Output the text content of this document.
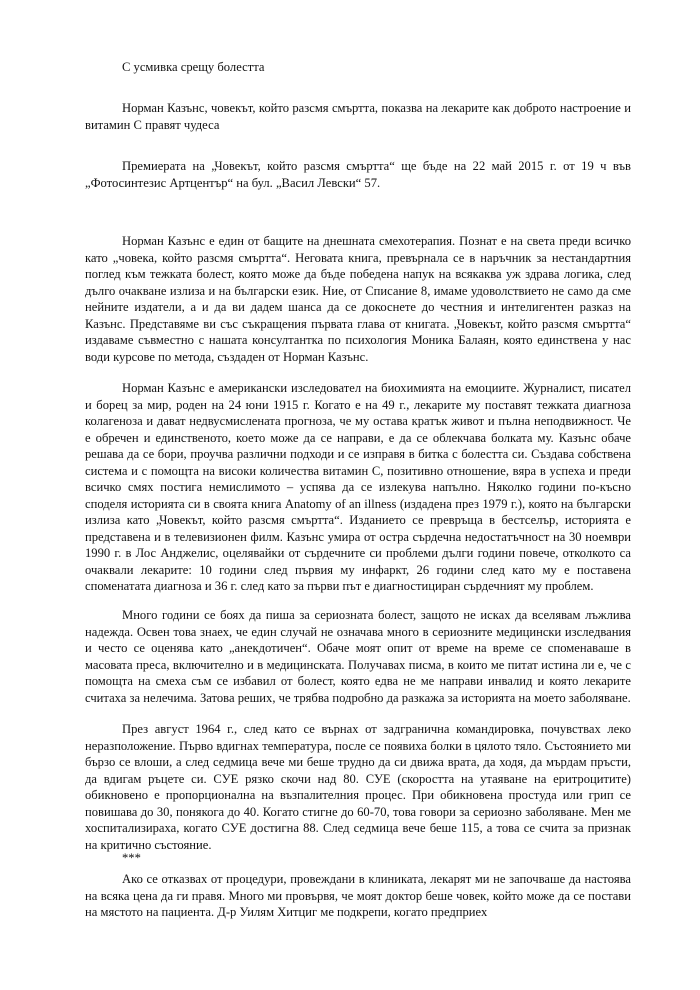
С усмивка срещу болестта

Норман Казънс, човекът, който разсмя смъртта, показва на лекарите как доброто настроение и витамин С правят чудеса

Премиерата на „Човекът, който разсмя смъртта“ ще бъде на 22 май 2015 г. от 19 ч във „Фотосинтезис Артцентър“ на бул. „Васил Левски“ 57.

Норман Казънс е един от бащите на днешната смехотерапия. Познат е на света преди всичко като „човека, който разсмя смъртта“. Неговата книга, превърнала се в наръчник за нестандартния поглед към тежката болест, която може да бъде победена напук на всякаква уж здрава логика, след дълго очакване излиза и на български език. Ние, от Списание 8, имаме удоволствието не само да сме нейните издатели, а и да ви дадем шанса да се докоснете до честния и интелигентен разказ на Казънс. Представяме ви със съкращения първата глава от книгата. „Човекът, който разсмя смъртта“ издаваме съвместно с нашата консултантка по психология Моника Балаян, която единствена у нас води курсове по метода, създаден от Норман Казънс.

Норман Казънс е американски изследовател на биохимията на емоциите. Журналист, писател и борец за мир, роден на 24 юни 1915 г. Когато е на 49 г., лекарите му поставят тежката диагноза колагеноза и дават недвусмислената прогноза, че му остава кратък живот и пълна неподвижност. Че е обречен и единственото, което може да се направи, е да се облекчава болката му. Казънс обаче решава да се бори, проучва различни подходи и се изправя в битка с болестта си. Създава собствена система и с помощта на високи количества витамин С, позитивно отношение, вяра в успеха и преди всичко смях постига немислимото – успява да се излекува напълно. Няколко години по-късно споделя историята си в своята книга Anatomy of an illness (издадена през 1979 г.), която на български излиза като „Човекът, който разсмя смъртта“. Изданието се превръща в бестселър, историята е представена и в телевизионен филм. Казънс умира от остра сърдечна недостатъчност на 30 ноември 1990 г. в Лос Анджелис, оцелявайки от сърдечните си проблеми дълги години повече, отколкото са очаквали лекарите: 10 години след първия му инфаркт, 26 години след като му е поставена споменатата диагноза и 36 г. след като за първи път е диагностициран сърдечният му проблем.

Много години се боях да пиша за сериозната болест, защото не исках да вселявам лъжлива надежда. Освен това знаех, че един случай не означава много в сериозните медицински изследвания и често се оценява като „анекдотичен“. Обаче моят опит от време на време се споменаваше в масовата преса, включително и в медицинската. Получавах писма, в които ме питат истина ли е, че с помощта на смеха съм се избавил от болест, която едва не ме направи инвалид и която лекарите считаха за нелечима. Затова реших, че трябва подробно да разкажа за историята на моето заболяване.

През август 1964 г., след като се върнах от задгранична командировка, почувствах леко неразположение. Първо вдигнах температура, после се появиха болки в цялото тяло. Състоянието ми бързо се влоши, а след седмица вече ми беше трудно да си движа врата, да ходя, да мърдам пръсти, да вдигам ръцете си. СУЕ рязко скочи над 80. СУЕ (скоростта на утаяване на еритроцитите) обикновено е пропорционална на възпалителния процес. При обикновена простуда или грип се повишава до 30, понякога до 40. Когато стигне до 60-70, това говори за сериозно заболяване. Мен ме хоспитализираха, когато СУЕ достигна 88. След седмица вече беше 115, а това се счита за признак на критично състояние.

***

Ако се отказвах от процедури, провеждани в клиниката, лекарят ми не започваше да настоява на всяка цена да ги правя. Много ми провървя, че моят доктор беше човек, който може да се постави на мястото на пациента. Д-р Уилям Хитциг ме подкрепи, когато предприех
